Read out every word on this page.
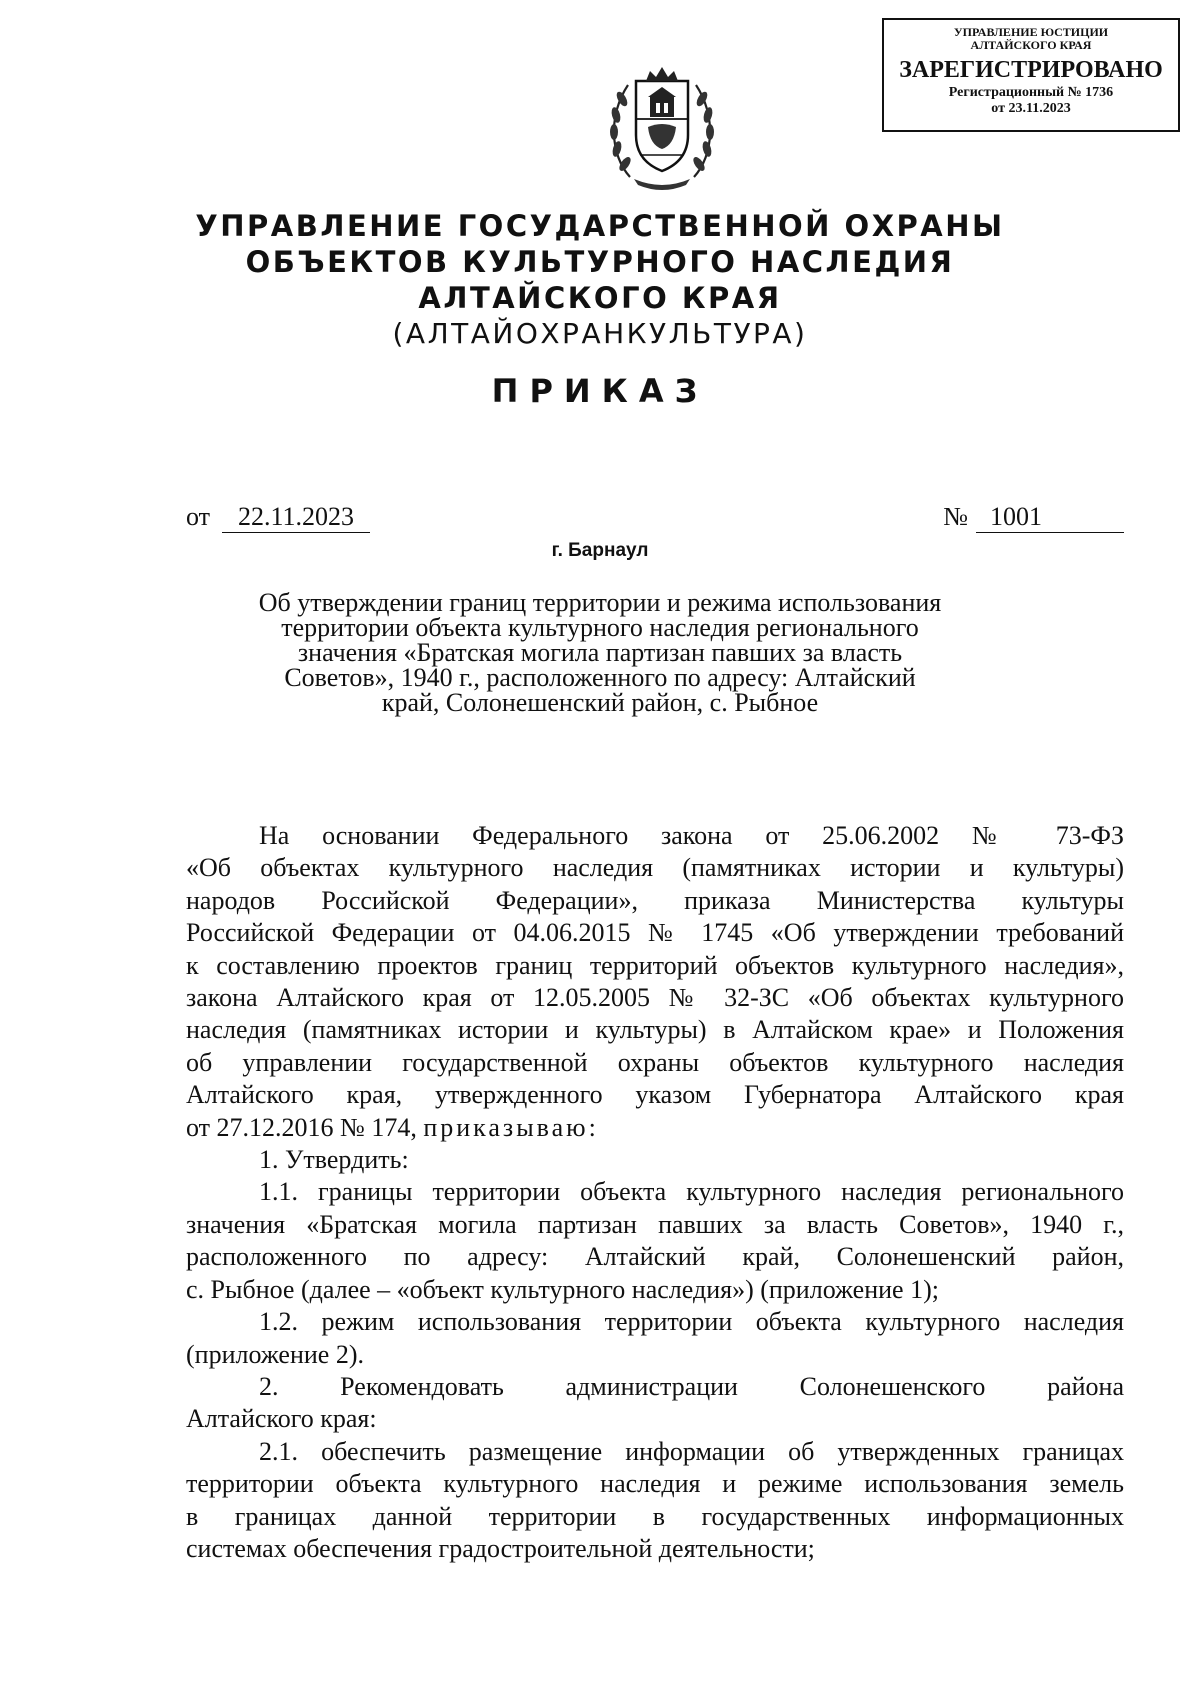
УПРАВЛЕНИЕ ЮСТИЦИИ
АЛТАЙСКОГО КРАЯ
ЗАРЕГИСТРИРОВАНО
Регистрационный № 1736
от 23.11.2023
УПРАВЛЕНИЕ ГОСУДАРСТВЕННОЙ ОХРАНЫ
ОБЪЕКТОВ КУЛЬТУРНОГО НАСЛЕДИЯ
АЛТАЙСКОГО КРАЯ
(АЛТАЙОХРАНКУЛЬТУРА)
ПРИКАЗ
от 22.11.2023	№ 1001
г. Барнаул
Об утверждении границ территории и режима использования
территории объекта культурного наследия регионального
значения «Братская могила партизан павших за власть
Советов», 1940 г., расположенного по адресу: Алтайский
край, Солонешенский район, с. Рыбное
На основании Федерального закона от 25.06.2002 № 73-ФЗ
«Об объектах культурного наследия (памятниках истории и культуры)
народов Российской Федерации», приказа Министерства культуры
Российской Федерации от 04.06.2015 № 1745 «Об утверждении требований
к составлению проектов границ территорий объектов культурного наследия»,
закона Алтайского края от 12.05.2005 № 32-ЗС «Об объектах культурного
наследия (памятниках истории и культуры) в Алтайском крае» и Положения
об управлении государственной охраны объектов культурного наследия
Алтайского края, утвержденного указом Губернатора Алтайского края
от 27.12.2016 № 174, приказываю:
1. Утвердить:
1.1. границы территории объекта культурного наследия регионального
значения «Братская могила партизан павших за власть Советов», 1940 г.,
расположенного по адресу: Алтайский край, Солонешенский район,
с. Рыбное (далее – «объект культурного наследия») (приложение 1);
1.2. режим использования территории объекта культурного наследия
(приложение 2).
2. Рекомендовать администрации Солонешенского района
Алтайского края:
2.1. обеспечить размещение информации об утвержденных границах
территории объекта культурного наследия и режиме использования земель
в границах данной территории в государственных информационных
системах обеспечения градостроительной деятельности;
